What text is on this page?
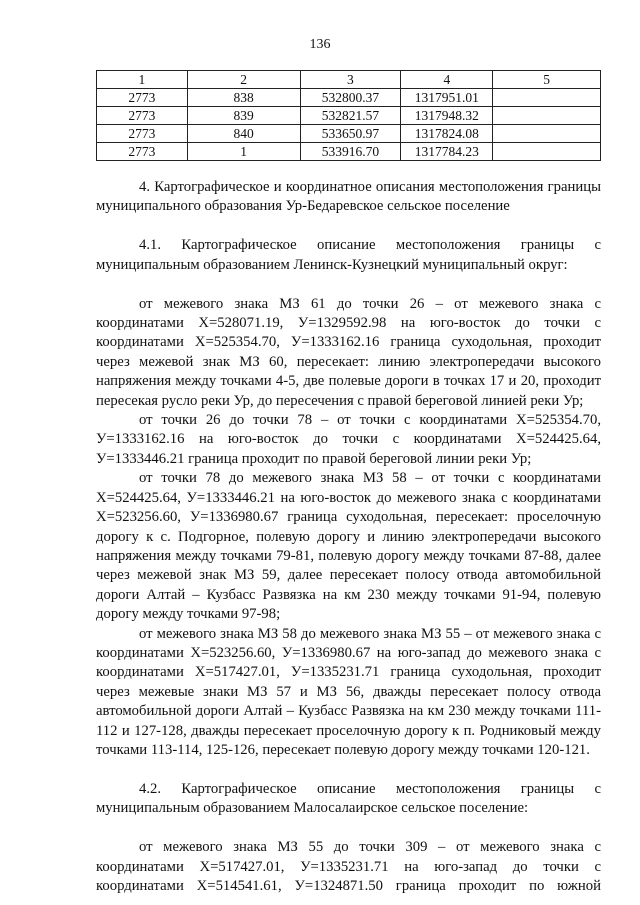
136
1	2	3	4	5
2773	838	532800.37	1317951.01	
2773	839	532821.57	1317948.32	
2773	840	533650.97	1317824.08	
2773	1	533916.70	1317784.23	

4. Картографическое и координатное описания местоположения границы муниципального образования Ур-Бедаревское сельское поселение

4.1. Картографическое описание местоположения границы с муниципальным образованием Ленинск-Кузнецкий муниципальный округ:

от межевого знака МЗ 61 до точки 26 – от межевого знака с координатами X=528071.19, У=1329592.98 на юго-восток до точки с координатами X=525354.70, У=1333162.16 граница суходольная, проходит через межевой знак МЗ 60, пересекает: линию электропередачи высокого напряжения между точками 4-5, две полевые дороги в точках 17 и 20, проходит пересекая русло реки Ур, до пересечения с правой береговой линией реки Ур;

от точки 26 до точки 78 – от точки с координатами X=525354.70, У=1333162.16 на юго-восток до точки с координатами X=524425.64, У=1333446.21 граница проходит по правой береговой линии реки Ур;

от точки 78 до межевого знака МЗ 58 – от точки с координатами X=524425.64, У=1333446.21 на юго-восток до межевого знака с координатами X=523256.60, У=1336980.67 граница суходольная, пересекает: проселочную дорогу к с. Подгорное, полевую дорогу и линию электропередачи высокого напряжения между точками 79-81, полевую дорогу между точками 87-88, далее через межевой знак МЗ 59, далее пересекает полосу отвода автомобильной дороги Алтай – Кузбасс Развязка на км 230 между точками 91-94, полевую дорогу между точками 97-98;

от межевого знака МЗ 58 до межевого знака МЗ 55 – от межевого знака с координатами X=523256.60, У=1336980.67 на юго-запад до межевого знака с координатами X=517427.01, У=1335231.71 граница суходольная, проходит через межевые знаки МЗ 57 и МЗ 56, дважды пересекает полосу отвода автомобильной дороги Алтай – Кузбасс Развязка на км 230 между точками 111-112 и 127-128, дважды пересекает проселочную дорогу к п. Родниковый между точками 113-114, 125-126, пересекает полевую дорогу между точками 120-121.

4.2. Картографическое описание местоположения границы с муниципальным образованием Малосалаирское сельское поселение:

от межевого знака МЗ 55 до точки 309 – от межевого знака с координатами X=517427.01, У=1335231.71 на юго-запад до точки с координатами X=514541.61, У=1324871.50 граница проходит по южной
